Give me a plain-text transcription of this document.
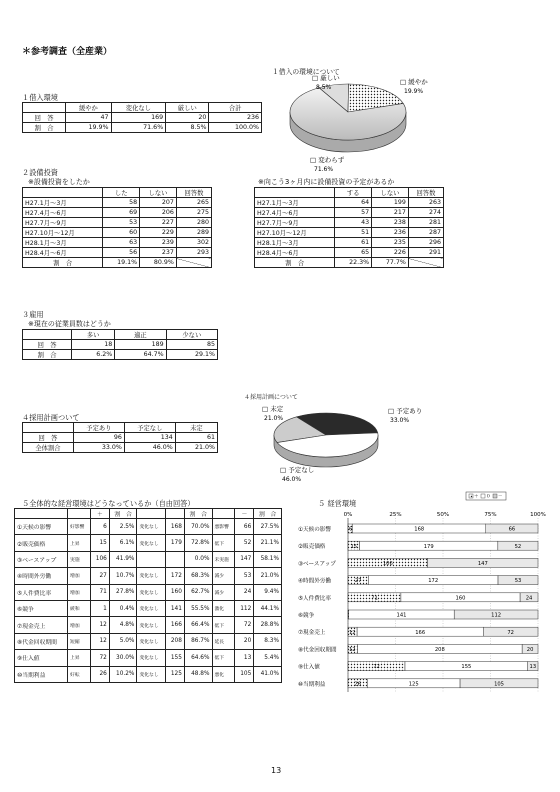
＊参考調査（全産業）
１借入環境
	緩やか	変化なし	厳しい	合計
回　答	47	169	20	236
割　合	19.9%	71.6%	8.5%	100.0%
□ 厳しい
8.5%
□ 緩やか
19.9%
□ 変わらず
71.6%
１借入の環境について
２設備投資
※設備投資をしたか
	した	しない	回答数
H27.1月～3月	58	207	265
H27.4月～6月	69	206	275
H27.7月～9月	53	227	280
H27.10月～12月	60	229	289
H28.1月～3月	63	239	302
H28.4月～6月	56	237	293
割　合	19.1%	80.9%	
※向こう3ヶ月内に設備投資の予定があるか
	する	しない	回答数
H27.1月～3月	64	199	263
H27.4月～6月	57	217	274
H27.7月～9月	43	238	281
H27.10月～12月	51	236	287
H28.1月～3月	61	235	296
H28.4月～6月	65	226	291
割　合	22.3%	77.7%	
３雇用
※現在の従業員数はどうか
	多い	適正	少ない
回　答	18	189	85
割　合	6.2%	64.7%	29.1%
４採用計画ついて
	予定あり	予定なし	未定
回　答	96	134	61
全体割合	33.0%	46.0%	21.0%
□ 未定
21.0%
□ 予定あり
33.0%
□ 予定なし
46.0%
４採用計画について
５全体的な経営環境はどうなっているか（自由回答）
		＋	割　合			割　合		－	割　合
①天候の影響	好影響	6	2.5%	変化なし	168	70.0%	悪影響	66	27.5%
②販売価格	上昇	15	6.1%	変化なし	179	72.8%	低下	52	21.1%
③ベースアップ	実施	106	41.9%			0.0%	未実施	147	58.1%
④時間外労働	増加	27	10.7%	変化なし	172	68.3%	減少	53	21.0%
⑤人件費比率	増加	71	27.8%	変化なし	160	62.7%	減少	24	9.4%
⑥競争	緩和	1	0.4%	変化なし	141	55.5%	激化	112	44.1%
⑦現金売上	増加	12	4.8%	変化なし	166	66.4%	低下	72	28.8%
⑧代金回収期間	短縮	12	5.0%	変化なし	208	86.7%	延長	20	8.3%
⑨仕入値	上昇	72	30.0%	変化なし	155	64.6%	低下	13	5.4%
⑩当期利益	好転	26	10.2%	変化なし	125	48.8%	悪化	105	41.0%
５ 経営環境
＋ ０ －
0%	25%	50%	75%	100%
①天候の影響	6	168	66
②販売価格	15	179	52
③ベースアップ	106	147
④時間外労働	27	172	53
⑤人件費比率	71	160	24
⑥競争	141	112
⑦現金売上	12	166	72
⑧代金回収期間 12	208	20
⑨仕入値	72	155	13
⑩当期利益	26	125	105
13
